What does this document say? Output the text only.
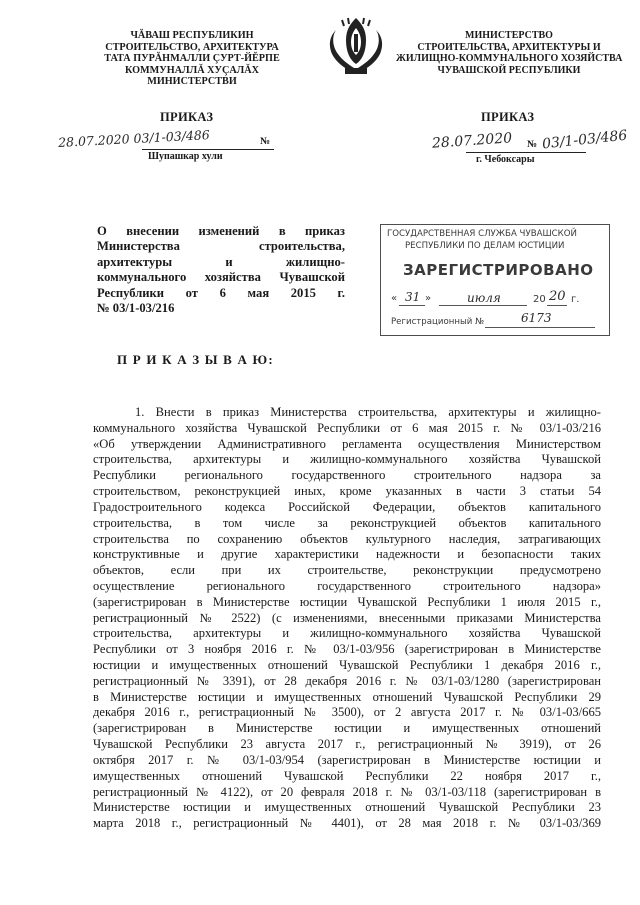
ЧĂВАШ РЕСПУБЛИКИН
СТРОИТЕЛЬСТВО, АРХИТЕКТУРА
ТАТА ПУРĂНМАЛЛИ ÇУРТ-ЙĔРПЕ
КОММУНАЛЛĂ ХУÇАЛĂХ
МИНИСТЕРСТВИ
ПРИКАЗ
28.07.2020 03/1-03/486	№
Шупашкар хули
МИНИСТЕРСТВО
СТРОИТЕЛЬСТВА, АРХИТЕКТУРЫ И
ЖИЛИЩНО-КОММУНАЛЬНОГО ХОЗЯЙСТВА
ЧУВАШСКОЙ РЕСПУБЛИКИ
ПРИКАЗ
28.07.2020 № 03/1-03/486
г. Чебоксары
О внесении изменений в приказ
Министерства строительства,
архитектуры и жилищно-
коммунального хозяйства Чувашской
Республики от 6 мая 2015 г.
№ 03/1-03/216
ГОСУДАРСТВЕННАЯ СЛУЖБА ЧУВАШСКОЙ
РЕСПУБЛИКИ ПО ДЕЛАМ ЮСТИЦИИ
ЗАРЕГИСТРИРОВАНО
« 31 »	июля	20 20 г.
Регистрационный №	6173
П Р И К А З Ы В А Ю:
1. Внести в приказ Министерства строительства, архитектуры и жилищно-
коммунального хозяйства Чувашской Республики от 6 мая 2015 г. № 03/1-03/216
«Об утверждении Административного регламента осуществления Министерством
строительства, архитектуры и жилищно-коммунального хозяйства Чувашской
Республики регионального государственного строительного надзора за
строительством, реконструкцией иных, кроме указанных в части 3 статьи 54
Градостроительного кодекса Российской Федерации, объектов капитального
строительства, в том числе за реконструкцией объектов капитального
строительства по сохранению объектов культурного наследия, затрагивающих
конструктивные и другие характеристики надежности и безопасности таких
объектов, если при их строительстве, реконструкции предусмотрено
осуществление регионального государственного строительного надзора»
(зарегистрирован в Министерстве юстиции Чувашской Республики 1 июля 2015 г.,
регистрационный № 2522) (с изменениями, внесенными приказами Министерства
строительства, архитектуры и жилищно-коммунального хозяйства Чувашской
Республики от 3 ноября 2016 г. № 03/1-03/956 (зарегистрирован в Министерстве
юстиции и имущественных отношений Чувашской Республики 1 декабря 2016 г.,
регистрационный № 3391), от 28 декабря 2016 г. № 03/1-03/1280 (зарегистрирован
в Министерстве юстиции и имущественных отношений Чувашской Республики 29
декабря 2016 г., регистрационный № 3500), от 2 августа 2017 г. № 03/1-03/665
(зарегистрирован в Министерстве юстиции и имущественных отношений
Чувашской Республики 23 августа 2017 г., регистрационный № 3919), от 26
октября 2017 г. № 03/1-03/954 (зарегистрирован в Министерстве юстиции и
имущественных отношений Чувашской Республики 22 ноября 2017 г.,
регистрационный № 4122), от 20 февраля 2018 г. № 03/1-03/118 (зарегистрирован в
Министерстве юстиции и имущественных отношений Чувашской Республики 23
марта 2018 г., регистрационный № 4401), от 28 мая 2018 г. № 03/1-03/369
